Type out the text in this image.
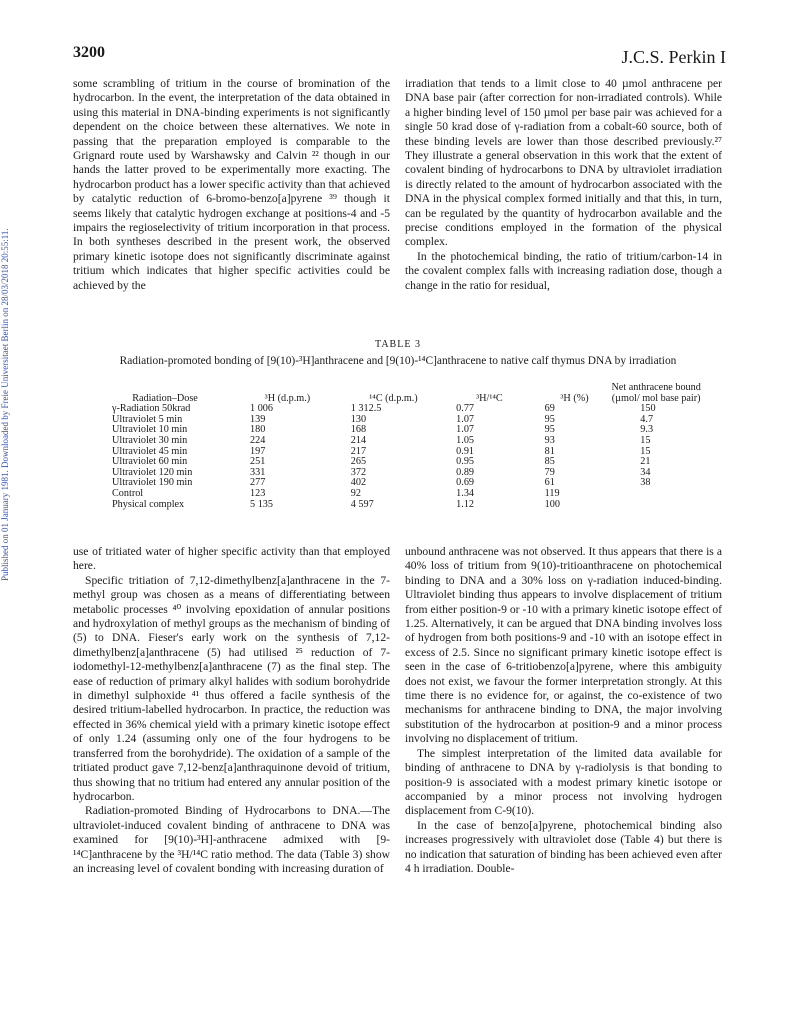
3200	J.C.S. Perkin I
Published on 01 January 1981. Downloaded by Freie Universitaet Berlin on 28/03/2018 20:55:11.

some scrambling of tritium in the course of bromination of the hydrocarbon. In the event, the interpretation of the data obtained in using this material in DNA-binding experiments is not significantly dependent on the choice between these alternatives. We note in passing that the preparation employed is comparable to the Grignard route used by Warshawsky and Calvin ²² though in our hands the latter proved to be experimentally more exacting. The hydrocarbon product has a lower specific activity than that achieved by catalytic reduction of 6-bromo-benzo[a]pyrene ³⁹ though it seems likely that catalytic hydrogen exchange at positions-4 and -5 impairs the regioselectivity of tritium incorporation in that process. In both syntheses described in the present work, the observed primary kinetic isotope does not significantly discriminate against tritium which indicates that higher specific activities could be achieved by the

irradiation that tends to a limit close to 40 µmol anthracene per DNA base pair (after correction for non-irradiated controls). While a higher binding level of 150 µmol per base pair was achieved for a single 50 krad dose of γ-radiation from a cobalt-60 source, both of these binding levels are lower than those described previously.²⁷ They illustrate a general observation in this work that the extent of covalent binding of hydrocarbons to DNA by ultraviolet irradiation is directly related to the amount of hydrocarbon associated with the DNA in the physical complex formed initially and that this, in turn, can be regulated by the quantity of hydrocarbon available and the precise conditions employed in the formation of the physical complex.

In the photochemical binding, the ratio of tritium/carbon-14 in the covalent complex falls with increasing radiation dose, though a change in the ratio for residual,

TABLE 3
Radiation-promoted bonding of [9(10)-³H]anthracene and [9(10)-¹⁴C]anthracene to native calf thymus DNA by irradiation
Radiation–Dose	³H (d.p.m.)	¹⁴C (d.p.m.)	³H/¹⁴C	³H (%)	Net anthracene bound (µmol/ mol base pair)
γ-Radiation 50krad	1 006	1 312.5	0.77	69	150
Ultraviolet 5 min	139	130	1.07	95	4.7
Ultraviolet 10 min	180	168	1.07	95	9.3
Ultraviolet 30 min	224	214	1.05	93	15
Ultraviolet 45 min	197	217	0.91	81	15
Ultraviolet 60 min	251	265	0.95	85	21
Ultraviolet 120 min	331	372	0.89	79	34
Ultraviolet 190 min	277	402	0.69	61	38
Control	123	92	1.34	119	
Physical complex	5 135	4 597	1.12	100	

use of tritiated water of higher specific activity than that employed here.

Specific tritiation of 7,12-dimethylbenz[a]anthracene in the 7-methyl group was chosen as a means of differentiating between metabolic processes ⁴⁰ involving epoxidation of annular positions and hydroxylation of methyl groups as the mechanism of binding of (5) to DNA. Fieser's early work on the synthesis of 7,12-dimethylbenz[a]anthracene (5) had utilised ²⁵ reduction of 7-iodomethyl-12-methylbenz[a]anthracene (7) as the final step. The ease of reduction of primary alkyl halides with sodium borohydride in dimethyl sulphoxide ⁴¹ thus offered a facile synthesis of the desired tritium-labelled hydrocarbon. In practice, the reduction was effected in 36% chemical yield with a primary kinetic isotope effect of only 1.24 (assuming only one of the four hydrogens to be transferred from the borohydride). The oxidation of a sample of the tritiated product gave 7,12-benz[a]anthraquinone devoid of tritium, thus showing that no tritium had entered any annular position of the hydrocarbon.

Radiation-promoted Binding of Hydrocarbons to DNA.—The ultraviolet-induced covalent binding of anthracene to DNA was examined for [9(10)-³H]-anthracene admixed with [9-¹⁴C]anthracene by the ³H/¹⁴C ratio method. The data (Table 3) show an increasing level of covalent bonding with increasing duration of

unbound anthracene was not observed. It thus appears that there is a 40% loss of tritium from 9(10)-tritioanthracene on photochemical binding to DNA and a 30% loss on γ-radiation induced-binding. Ultraviolet binding thus appears to involve displacement of tritium from either position-9 or -10 with a primary kinetic isotope effect of 1.25. Alternatively, it can be argued that DNA binding involves loss of hydrogen from both positions-9 and -10 with an isotope effect in excess of 2.5. Since no significant primary kinetic isotope effect is seen in the case of 6-tritiobenzo[a]pyrene, where this ambiguity does not exist, we favour the former interpretation strongly. At this time there is no evidence for, or against, the co-existence of two mechanisms for anthracene binding to DNA, the major involving substitution of the hydrocarbon at position-9 and a minor process involving no displacement of tritium.

The simplest interpretation of the limited data available for binding of anthracene to DNA by γ-radiolysis is that bonding to position-9 is associated with a modest primary kinetic isotope or accompanied by a minor process not involving hydrogen displacement from C-9(10).

In the case of benzo[a]pyrene, photochemical binding also increases progressively with ultraviolet dose (Table 4) but there is no indication that saturation of binding has been achieved even after 4 h irradiation. Double-
